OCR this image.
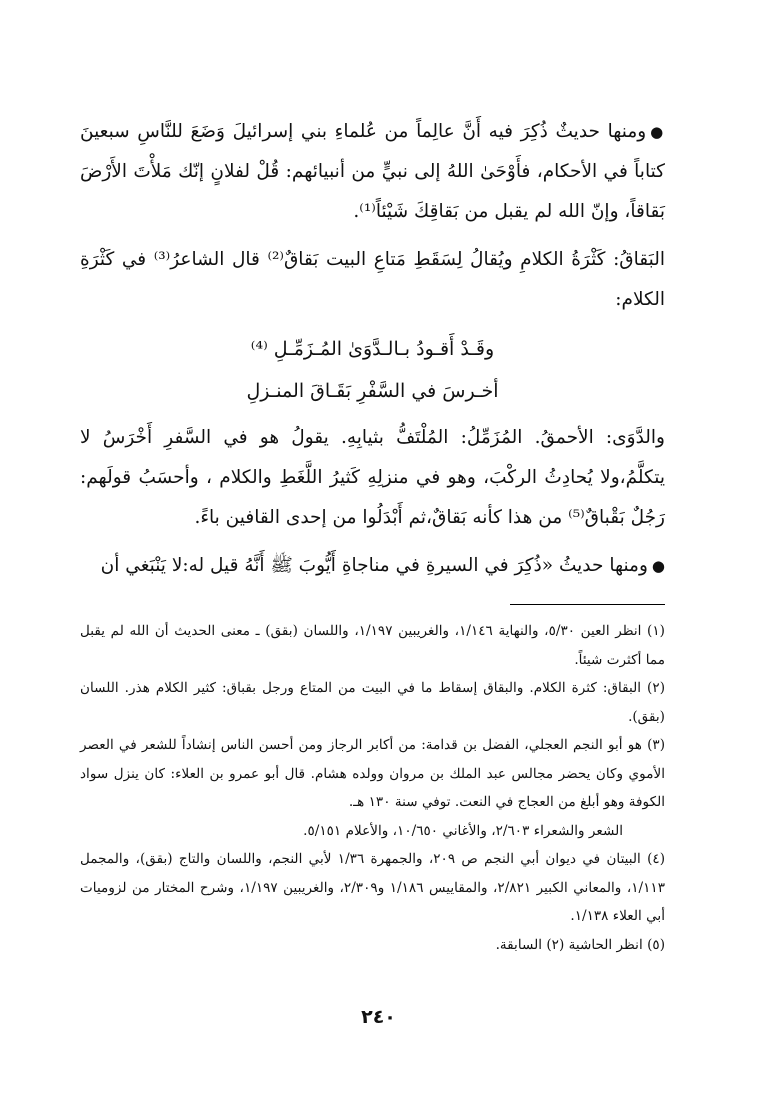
●ومنها حديثٌ ذُكِرَ فيه أَنَّ عالِماً من عُلماءِ بني إسرائيلَ وَضَعَ للنَّاسِ سبعينَ كتاباً في الأحكام، فأَوْحَىٰ اللهُ إلى نبيٍّ من أنبيائهم: قُلْ لفلانٍ إنّك مَلأْتَ الأَرْضَ بَقاقاً، وإنّ الله لم يقبل من بَقاقِكَ شَيْئاً⁽¹⁾.

البَقاقُ: كَثْرَةُ الكلامِ ويُقالُ لِسَقَطِ مَتاعِ البيت بَقاقٌ⁽²⁾ قال الشاعرُ⁽³⁾ في كَثْرَةِ الكلام:

وقَـدْ أَقـودُ بـالـدَّوَىٰ المُـزَمِّـلِ ⁽⁴⁾
أخـرسَ في السَّفْرِ بَقَـاقَ المنـزلِ

والدَّوَى: الأحمقُ. المُزَمِّلُ: المُلْتَفُّ بثيابِهِ. يقولُ هو في السَّفرِ أَخْرَسُ لا يتكلَّمُ،ولا يُحادِثُ الركْبَ، وهو في منزلِهِ كَثيرُ اللَّغَطِ والكلام ، وأحسَبُ قولَهم: رَجُلٌ بَقْباقٌ⁽⁵⁾ من هذا كأنه بَقاقٌ،ثم أَبْدَلُوا من إحدى القافين باءً.

●ومنها حديثُ «ذُكِرَ في السيرةِ في مناجاةِ أَيُّوبَ ﷺ أَنَّهُ قيل له:لا يَنْبَغي أن

(١) انظر العين ٥/٣٠، والنهاية ١/١٤٦، والغريبين ١/١٩٧، واللسان (بقق) ـ معنى الحديث أن الله لم يقبل مما أكثرت شيئاً.

(٢) البقاق: كثرة الكلام. والبقاق إسقاط ما في البيت من المتاع ورجل بقباق: كثير الكلام هذر. اللسان (بقق).

(٣) هو أبو النجم العجلي، الفضل بن قدامة: من أكابر الرجاز ومن أحسن الناس إنشاداً للشعر في العصر الأموي وكان يحضر مجالس عبد الملك بن مروان وولده هشام. قال أبو عمرو بن العلاء: كان ينزل سواد الكوفة وهو أبلغ من العجاج في النعت. توفي سنة ١٣٠ هـ.

الشعر والشعراء ٢/٦٠٣، والأغاني ١٠/٦٥٠، والأعلام ٥/١٥١.

(٤) البيتان في ديوان أبي النجم ص ٢٠٩، والجمهرة ١/٣٦ لأبي النجم، واللسان والتاج (بقق)، والمجمل ١/١١٣، والمعاني الكبير ٢/٨٢١، والمقاييس ١/١٨٦ و٢/٣٠٩، والغريبين ١/١٩٧، وشرح المختار من لزوميات أبي العلاء ١/١٣٨.

(٥) انظر الحاشية (٢) السابقة.

٢٤٠
